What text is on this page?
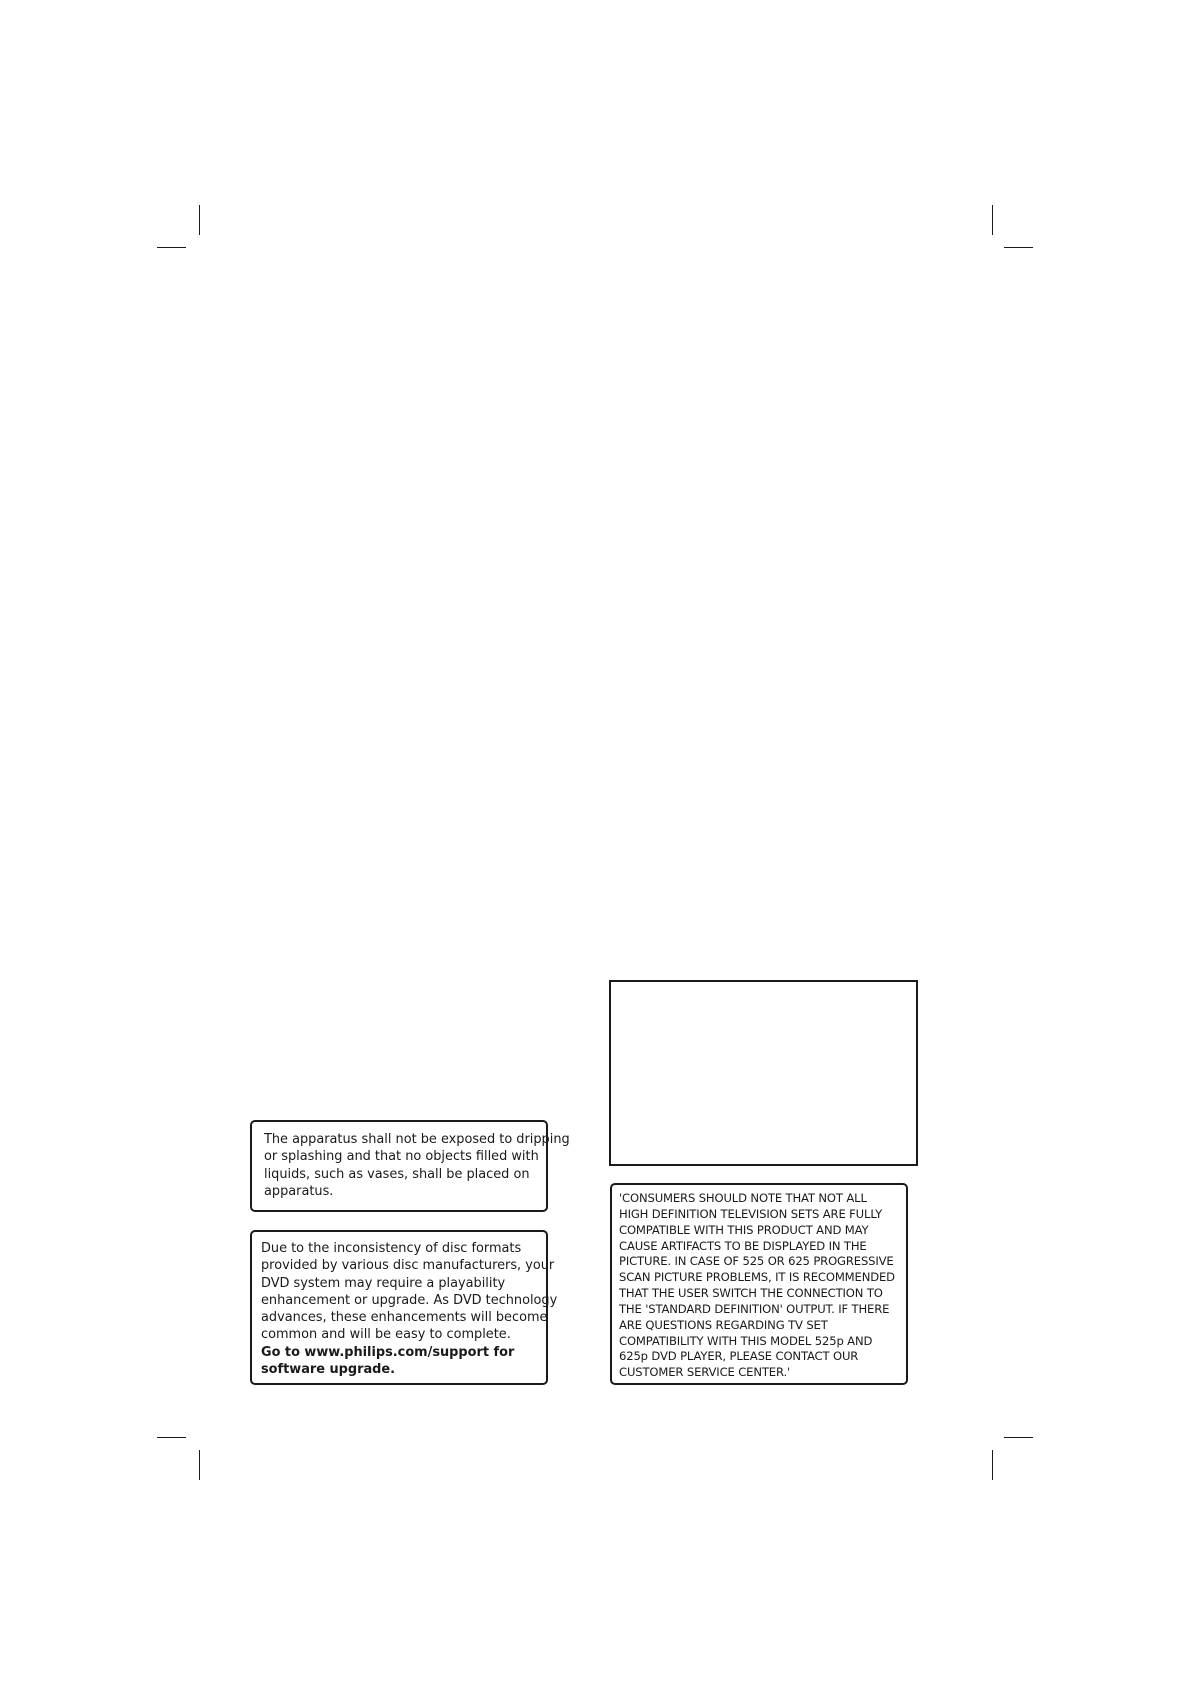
The apparatus shall not be exposed to dripping
or splashing and that no objects filled with
liquids, such as vases, shall be placed on
apparatus.

Due to the inconsistency of disc formats
provided by various disc manufacturers, your
DVD system may require a playability
enhancement or upgrade. As DVD technology
advances, these enhancements will become
common and will be easy to complete.
Go to www.philips.com/support for
software upgrade.

'CONSUMERS SHOULD NOTE THAT NOT ALL
HIGH DEFINITION TELEVISION SETS ARE FULLY
COMPATIBLE WITH THIS PRODUCT AND MAY
CAUSE ARTIFACTS TO BE DISPLAYED IN THE
PICTURE. IN CASE OF 525 OR 625 PROGRESSIVE
SCAN PICTURE PROBLEMS, IT IS RECOMMENDED
THAT THE USER SWITCH THE CONNECTION TO
THE 'STANDARD DEFINITION' OUTPUT. IF THERE
ARE QUESTIONS REGARDING TV SET
COMPATIBILITY WITH THIS MODEL 525p AND
625p DVD PLAYER, PLEASE CONTACT OUR
CUSTOMER SERVICE CENTER.'
